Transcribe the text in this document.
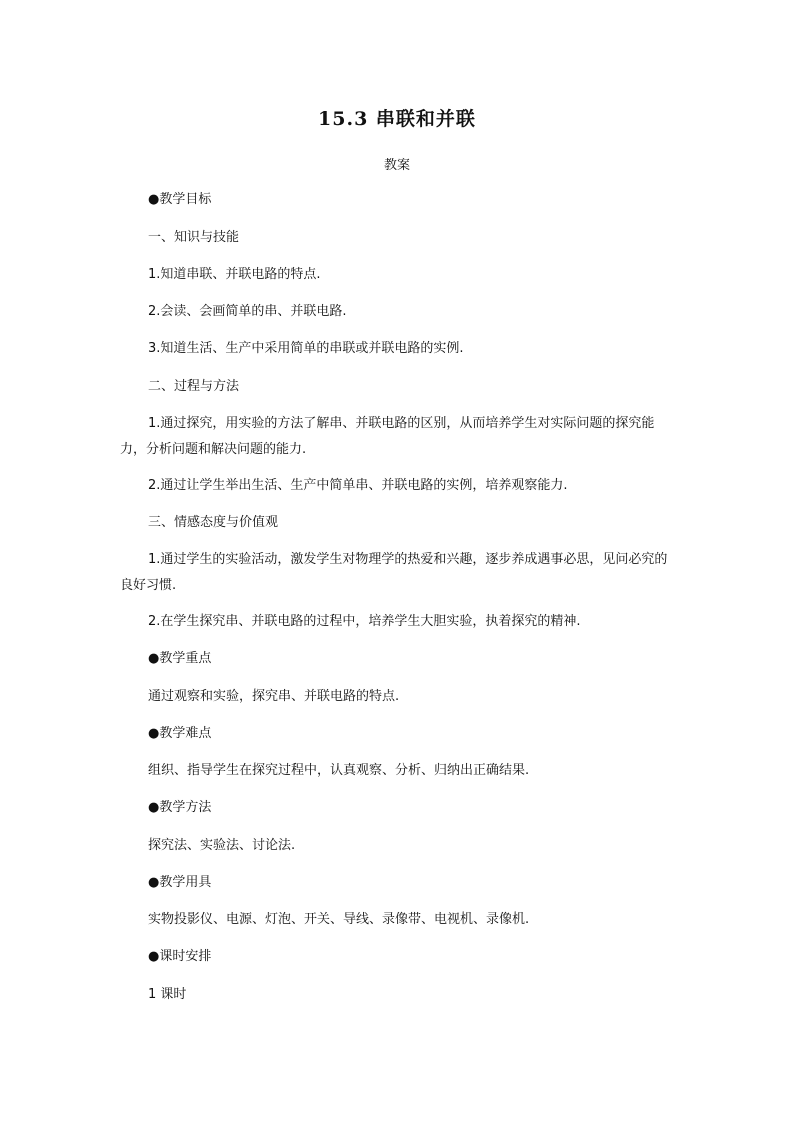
15.3 串联和并联
教案
●教学目标
一、知识与技能
1.知道串联、并联电路的特点.
2.会读、会画简单的串、并联电路.
3.知道生活、生产中采用简单的串联或并联电路的实例.
二、过程与方法
1.通过探究，用实验的方法了解串、并联电路的区别，从而培养学生对实际问题的探究能力，分析问题和解决问题的能力.
2.通过让学生举出生活、生产中简单串、并联电路的实例，培养观察能力.
三、情感态度与价值观
1.通过学生的实验活动，激发学生对物理学的热爱和兴趣，逐步养成遇事必思，见问必究的良好习惯.
2.在学生探究串、并联电路的过程中，培养学生大胆实验，执着探究的精神.
●教学重点
通过观察和实验，探究串、并联电路的特点.
●教学难点
组织、指导学生在探究过程中，认真观察、分析、归纳出正确结果.
●教学方法
探究法、实验法、讨论法.
●教学用具
实物投影仪、电源、灯泡、开关、导线、录像带、电视机、录像机.
●课时安排
1 课时
